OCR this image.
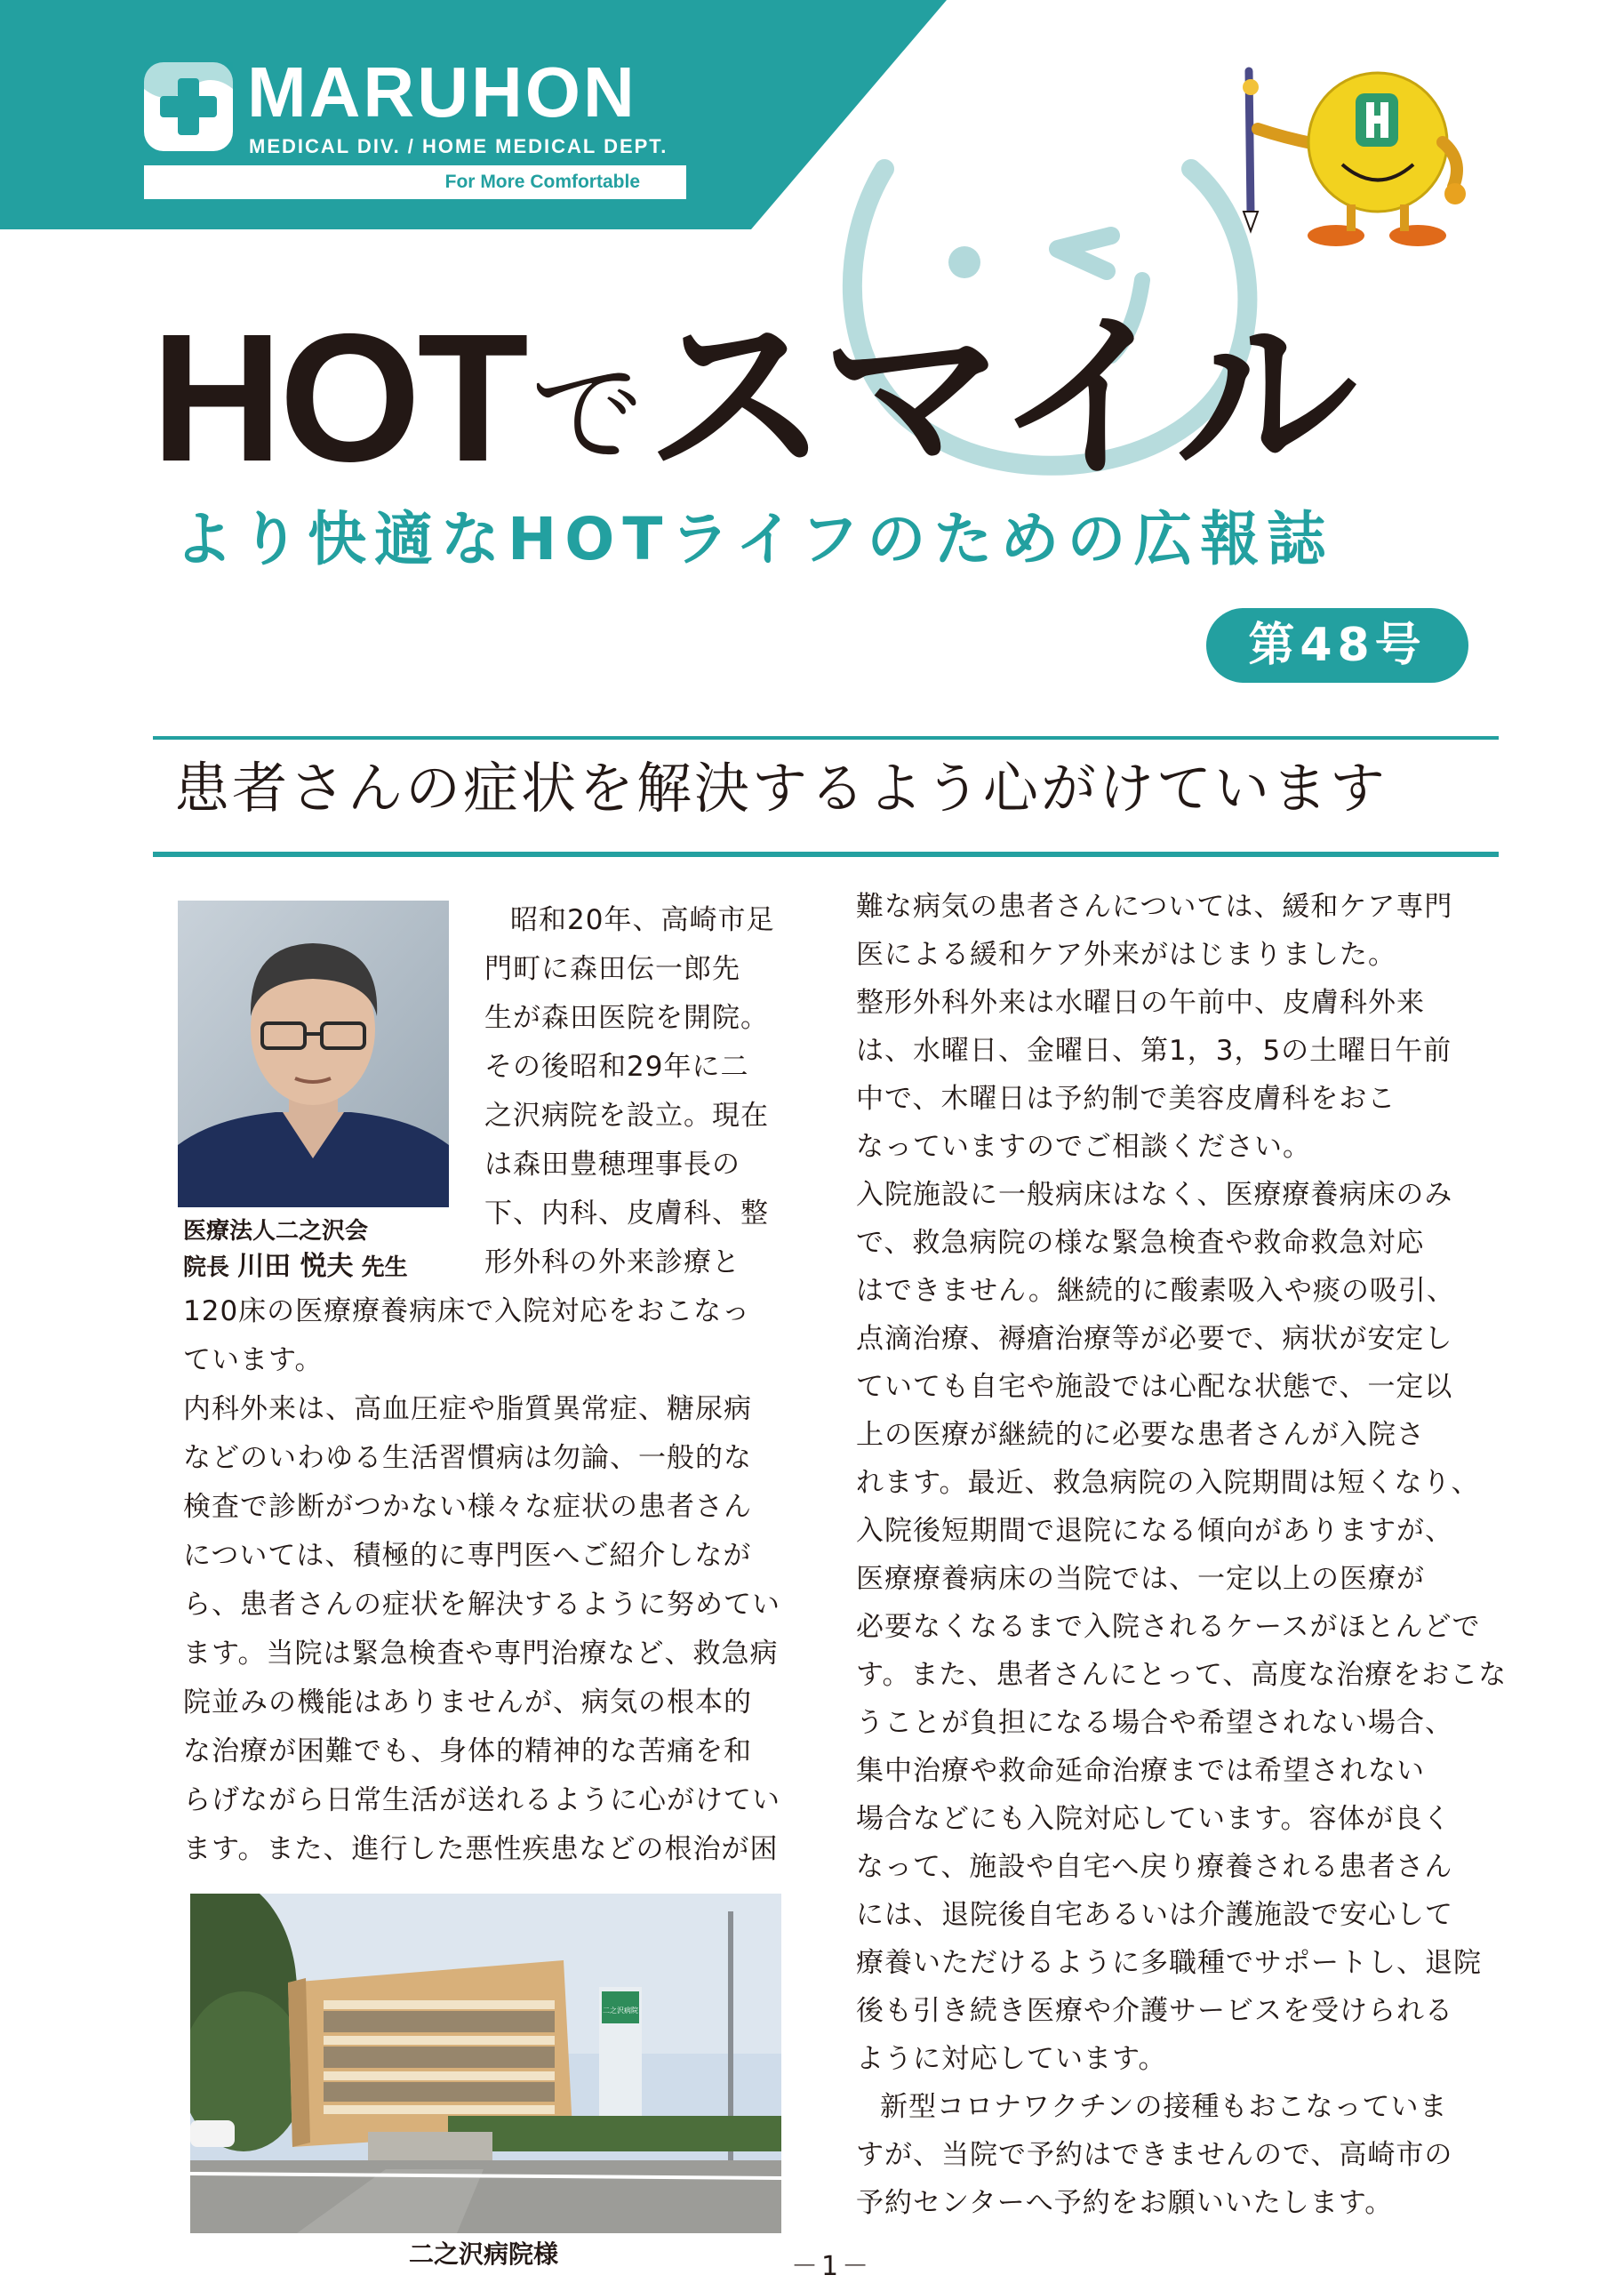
MARUHON
MEDICAL DIV. / HOME MEDICAL DEPT.
For More Comfortable
HOTでスマイル
より快適なHOTライフのための広報誌
第48号
患者さんの症状を解決するよう心がけています
医療法人二之沢会
院長 川田 悦夫 先生
昭和20年、高崎市足
門町に森田伝一郎先
生が森田医院を開院。
その後昭和29年に二
之沢病院を設立。現在
は森田豊穂理事長の
下、内科、皮膚科、整
形外科の外来診療と
120床の医療療養病床で入院対応をおこなっ
ています。
内科外来は、高血圧症や脂質異常症、糖尿病
などのいわゆる生活習慣病は勿論、一般的な
検査で診断がつかない様々な症状の患者さん
については、積極的に専門医へご紹介しなが
ら、患者さんの症状を解決するように努めてい
ます。当院は緊急検査や専門治療など、救急病
院並みの機能はありませんが、病気の根本的
な治療が困難でも、身体的精神的な苦痛を和
らげながら日常生活が送れるように心がけてい
ます。また、進行した悪性疾患などの根治が困
二之沢病院
二之沢病院様
難な病気の患者さんについては、緩和ケア専門
医による緩和ケア外来がはじまりました。
整形外科外来は水曜日の午前中、皮膚科外来
は、水曜日、金曜日、第1，3，5の土曜日午前
中で、木曜日は予約制で美容皮膚科をおこ
なっていますのでご相談ください。
入院施設に一般病床はなく、医療療養病床のみ
で、救急病院の様な緊急検査や救命救急対応
はできません。継続的に酸素吸入や痰の吸引、
点滴治療、褥瘡治療等が必要で、病状が安定し
ていても自宅や施設では心配な状態で、一定以
上の医療が継続的に必要な患者さんが入院さ
れます。最近、救急病院の入院期間は短くなり、
入院後短期間で退院になる傾向がありますが、
医療療養病床の当院では、一定以上の医療が
必要なくなるまで入院されるケースがほとんどで
す。また、患者さんにとって、高度な治療をおこな
うことが負担になる場合や希望されない場合、
集中治療や救命延命治療までは希望されない
場合などにも入院対応しています。容体が良く
なって、施設や自宅へ戻り療養される患者さん
には、退院後自宅あるいは介護施設で安心して
療養いただけるように多職種でサポートし、退院
後も引き続き医療や介護サービスを受けられる
ように対応しています。
新型コロナワクチンの接種もおこなっていま
すが、当院で予約はできませんので、高崎市の
予約センターへ予約をお願いいたします。
－1－
